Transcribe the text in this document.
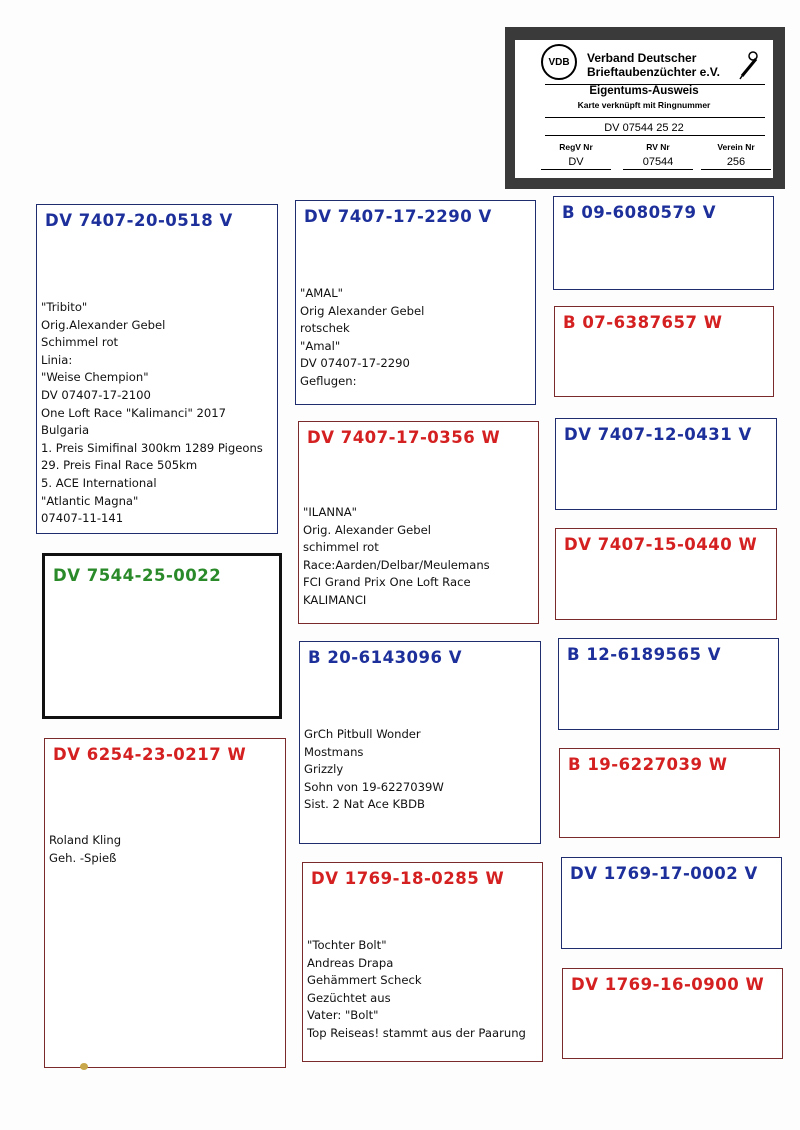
VDB	Verband Deutscher
Brieftaubenzüchter e.V.
Eigentums-Ausweis
Karte verknüpft mit Ringnummer
DV 07544 25 22
RegV Nr
DV
RV Nr
07544
Verein Nr
256
DV 7407-20-0518 V
"Tribito"
Orig.Alexander Gebel
Schimmel rot
Linia:
"Weise Chempion"
DV 07407-17-2100
One Loft Race "Kalimanci" 2017
Bulgaria
1. Preis Simifinal 300km 1289 Pigeons
29. Preis Final Race 505km
5. ACE International
"Atlantic Magna"
07407-11-141
DV 7544-25-0022
DV 6254-23-0217 W
Roland Kling
Geh. -Spieß
DV 7407-17-2290 V
"AMAL"
Orig Alexander Gebel
rotschek
"Amal"
DV 07407-17-2290
Geflugen:
DV 7407-17-0356 W
"ILANNA"
Orig. Alexander Gebel
schimmel rot
Race:Aarden/Delbar/Meulemans
FCI Grand Prix One Loft Race
KALIMANCI
B 20-6143096 V
GrCh Pitbull Wonder
Mostmans
Grizzly
Sohn von 19-6227039W
Sist. 2 Nat Ace KBDB
DV 1769-18-0285 W
"Tochter Bolt"
Andreas Drapa
Gehämmert Scheck
Gezüchtet aus
Vater: "Bolt"
Top Reiseas! stammt aus der Paarung
B 09-6080579 V
B 07-6387657 W
DV 7407-12-0431 V
DV 7407-15-0440 W
B 12-6189565 V
B 19-6227039 W
DV 1769-17-0002 V
DV 1769-16-0900 W
